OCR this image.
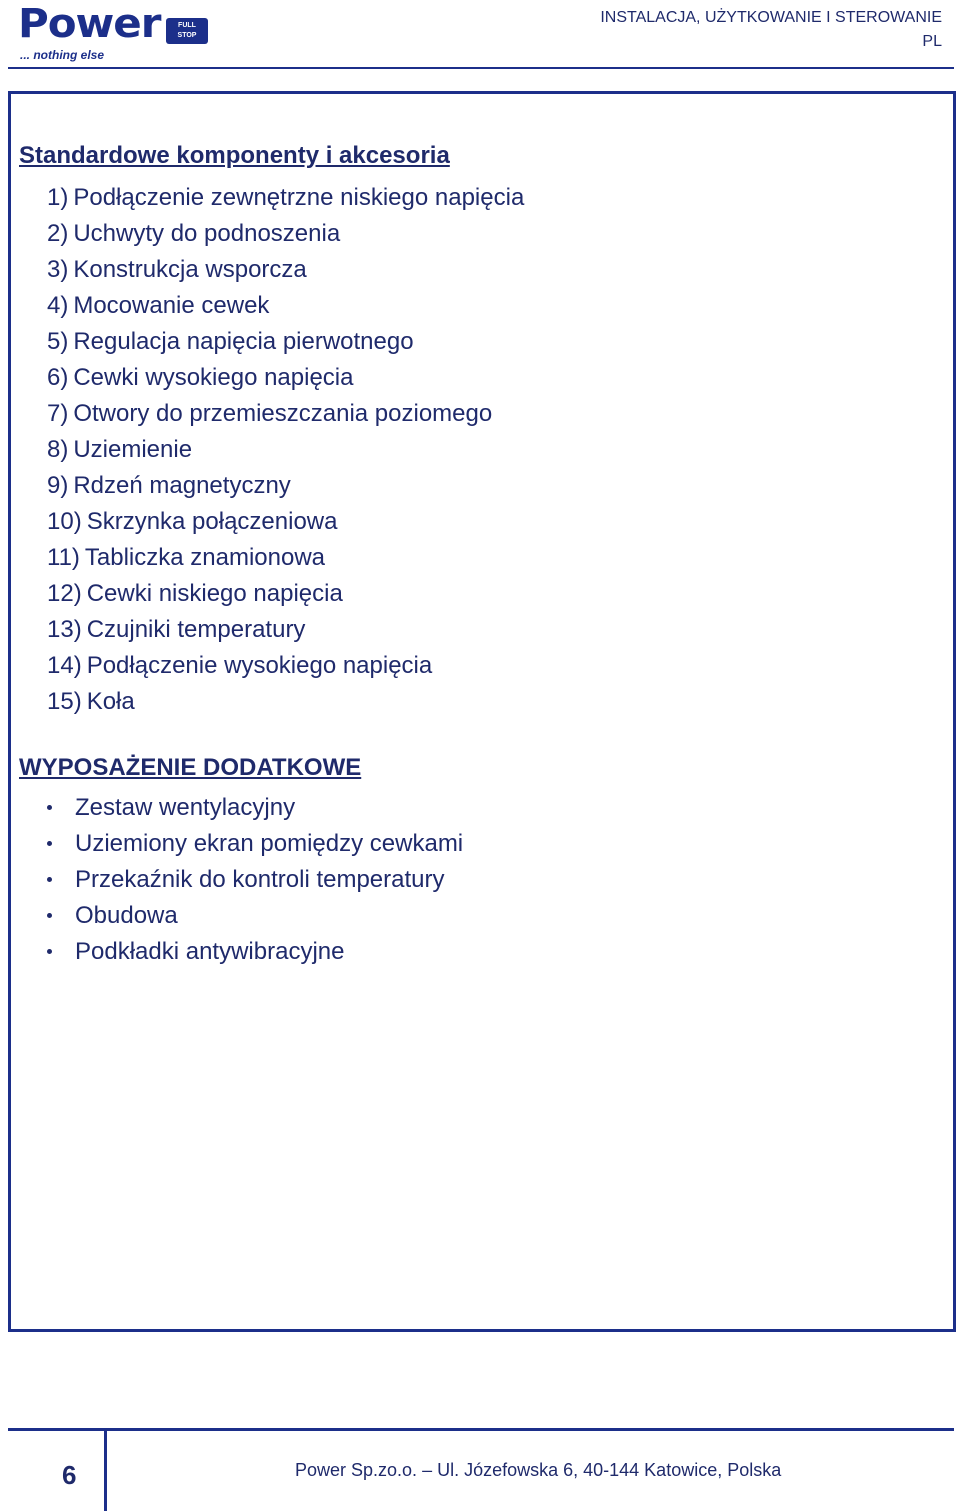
Power	FULL
STOP
... nothing else
INSTALACJA, UŻYTKOWANIE I STEROWANIE
PL
Standardowe komponenty i akcesoria
1) Podłączenie zewnętrzne niskiego napięcia
2) Uchwyty do podnoszenia
3) Konstrukcja wsporcza
4) Mocowanie cewek
5) Regulacja napięcia pierwotnego
6) Cewki wysokiego napięcia
7) Otwory do przemieszczania poziomego
8) Uziemienie
9) Rdzeń magnetyczny
10) Skrzynka połączeniowa
11) Tabliczka znamionowa
12) Cewki niskiego napięcia
13) Czujniki temperatury
14) Podłączenie wysokiego napięcia
15) Koła
WYPOSAŻENIE DODATKOWE
Zestaw wentylacyjny
Uziemiony ekran pomiędzy cewkami
Przekaźnik do kontroli temperatury
Obudowa
Podkładki antywibracyjne
6	Power Sp.zo.o. – Ul. Józefowska 6, 40-144 Katowice, Polska
